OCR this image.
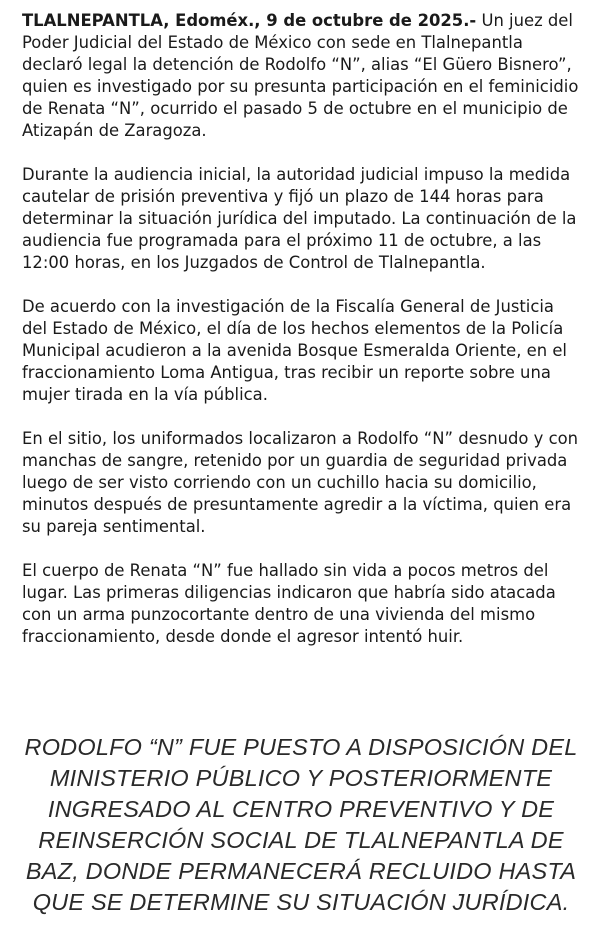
TLALNEPANTLA, Edoméx., 9 de octubre de 2025.- Un juez del Poder Judicial del Estado de México con sede en Tlalnepantla declaró legal la detención de Rodolfo “N”, alias “El Güero Bisnero”, quien es investigado por su presunta participación en el feminicidio de Renata “N”, ocurrido el pasado 5 de octubre en el municipio de Atizapán de Zaragoza.

Durante la audiencia inicial, la autoridad judicial impuso la medida cautelar de prisión preventiva y fijó un plazo de 144 horas para determinar la situación jurídica del imputado. La continuación de la audiencia fue programada para el próximo 11 de octubre, a las 12:00 horas, en los Juzgados de Control de Tlalnepantla.

De acuerdo con la investigación de la Fiscalía General de Justicia del Estado de México, el día de los hechos elementos de la Policía Municipal acudieron a la avenida Bosque Esmeralda Oriente, en el fraccionamiento Loma Antigua, tras recibir un reporte sobre una mujer tirada en la vía pública.

En el sitio, los uniformados localizaron a Rodolfo “N” desnudo y con manchas de sangre, retenido por un guardia de seguridad privada luego de ser visto corriendo con un cuchillo hacia su domicilio, minutos después de presuntamente agredir a la víctima, quien era su pareja sentimental.

El cuerpo de Renata “N” fue hallado sin vida a pocos metros del lugar. Las primeras diligencias indicaron que habría sido atacada con un arma punzocortante dentro de una vivienda del mismo fraccionamiento, desde donde el agresor intentó huir.

RODOLFO “N” FUE PUESTO A DISPOSICIÓN DEL MINISTERIO PÚBLICO Y POSTERIORMENTE INGRESADO AL CENTRO PREVENTIVO Y DE REINSERCIÓN SOCIAL DE TLALNEPANTLA DE BAZ, DONDE PERMANECERÁ RECLUIDO HASTA QUE SE DETERMINE SU SITUACIÓN JURÍDICA.
